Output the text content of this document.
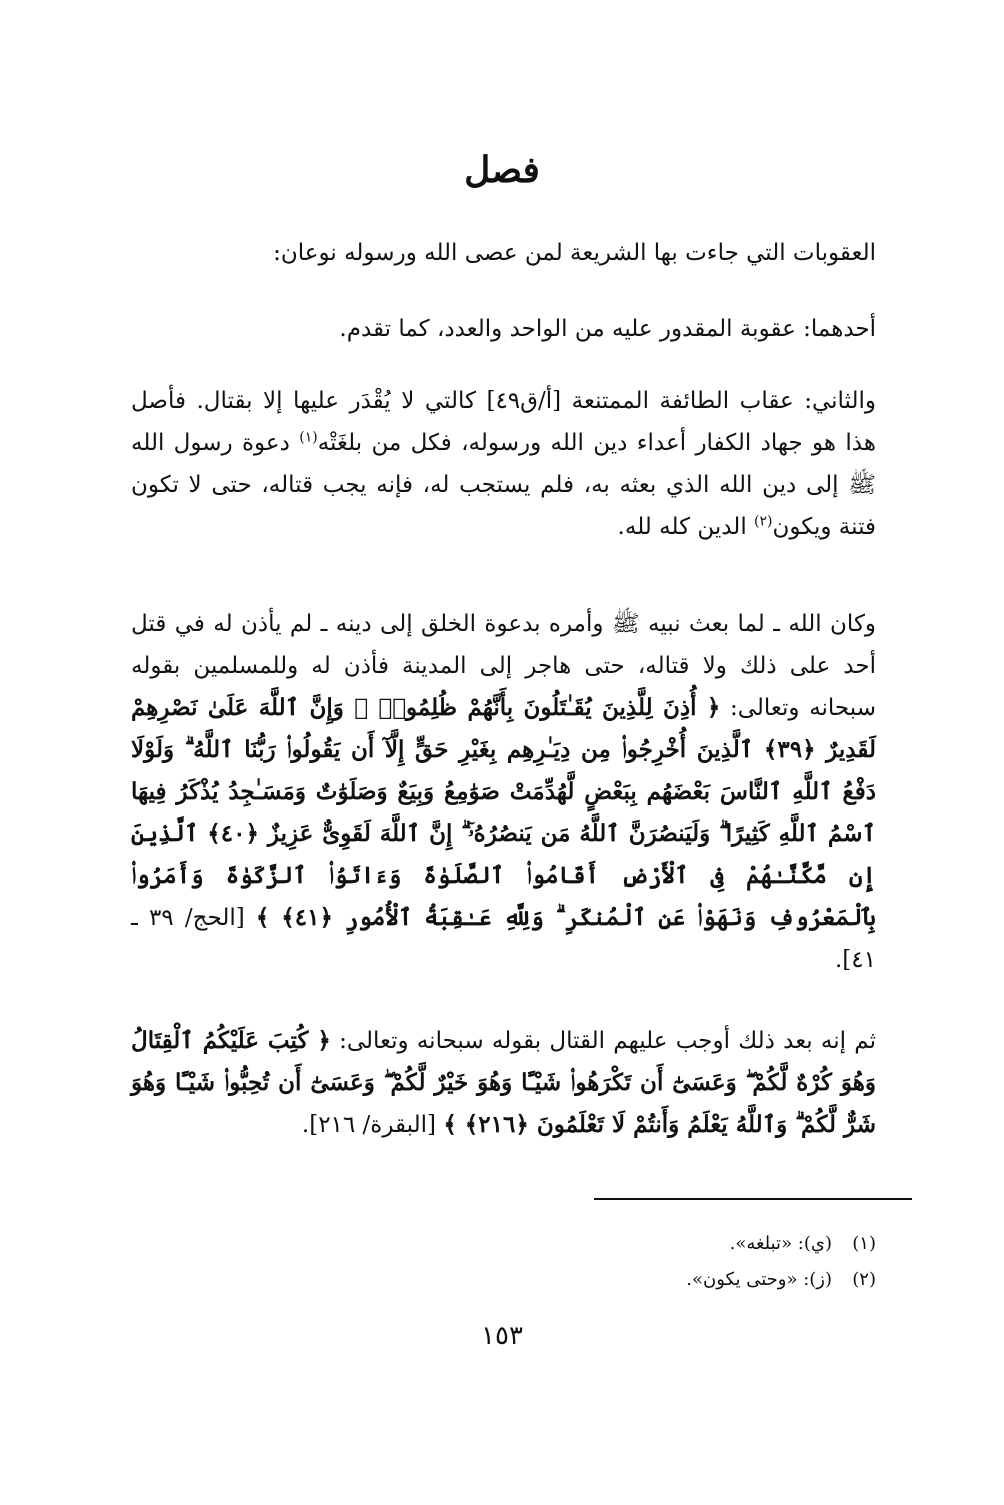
فصل
العقوبات التي جاءت بها الشريعة لمن عصى الله ورسوله نوعان:
أحدهما: عقوبة المقدور عليه من الواحد والعدد، كما تقدم.
والثاني: عقاب الطائفة الممتنعة [أ/ق٤٩] كالتي لا يُقْدَر عليها إلا بقتال. فأصل هذا هو جهاد الكفار أعداء دين الله ورسوله، فكل من بلغَتْه$^{(١)}$ دعوة رسول الله ﷺ إلى دين الله الذي بعثه به، فلم يستجب له، فإنه يجب قتاله، حتى لا تكون فتنة ويكون$^{(٢)}$ الدين كله لله.
وكان الله ـ لما بعث نبيه ﷺ وأمره بدعوة الخلق إلى دينه ـ لم يأذن له في قتل أحد على ذلك ولا قتاله، حتى هاجر إلى المدينة فأذن له وللمسلمين بقوله سبحانه وتعالى: ﴿ أُذِنَ لِلَّذِينَ يُقَـٰتَلُونَ بِأَنَّهُمْ ظُلِمُوا۟ ۚ وَإِنَّ ٱللَّهَ عَلَىٰ نَصْرِهِمْ لَقَدِيرٌ ﴿٣٩﴾ ٱلَّذِينَ أُخْرِجُوا۟ مِن دِيَـٰرِهِم بِغَيْرِ حَقٍّ إِلَّآ أَن يَقُولُوا۟ رَبُّنَا ٱللَّهُ ۗ وَلَوْلَا دَفْعُ ٱللَّهِ ٱلنَّاسَ بَعْضَهُم بِبَعْضٍ لَّهُدِّمَتْ صَوَٰمِعُ وَبِيَعٌ وَصَلَوَٰتٌ وَمَسَـٰجِدُ يُذْكَرُ فِيهَا ٱسْمُ ٱللَّهِ كَثِيرًا ۗ وَلَيَنصُرَنَّ ٱللَّهُ مَن يَنصُرُهُۥٓ ۗ إِنَّ ٱللَّهَ لَقَوِىٌّ عَزِيزٌ ﴿٤٠﴾ ٱلَّذِينَ إِن مَّكَّنَّـٰهُمْ فِى ٱلْأَرْضِ أَقَامُوا۟ ٱلصَّلَوٰةَ وَءَاتَوُا۟ ٱلزَّكَوٰةَ وَأَمَرُوا۟ بِٱلْمَعْرُوفِ وَنَهَوْا۟ عَنِ ٱلْمُنكَرِ ۗ وَلِلَّهِ عَـٰقِبَةُ ٱلْأُمُورِ ﴿٤١﴾ ﴾ [الحج/ ٣٩ ـ ٤١].
ثم إنه بعد ذلك أوجب عليهم القتال بقوله سبحانه وتعالى: ﴿ كُتِبَ عَلَيْكُمُ ٱلْقِتَالُ وَهُوَ كُرْهٌ لَّكُمْ ۖ وَعَسَىٰٓ أَن تَكْرَهُوا۟ شَيْـًٔا وَهُوَ خَيْرٌ لَّكُمْ ۖ وَعَسَىٰٓ أَن تُحِبُّوا۟ شَيْـًٔا وَهُوَ شَرٌّ لَّكُمْ ۗ وَٱللَّهُ يَعْلَمُ وَأَنتُمْ لَا تَعْلَمُونَ ﴿٢١٦﴾ ﴾ [البقرة/ ٢١٦].
(١)(ي): «تبلغه».
(٢)(ز): «وحتى يكون».
١٥٣
